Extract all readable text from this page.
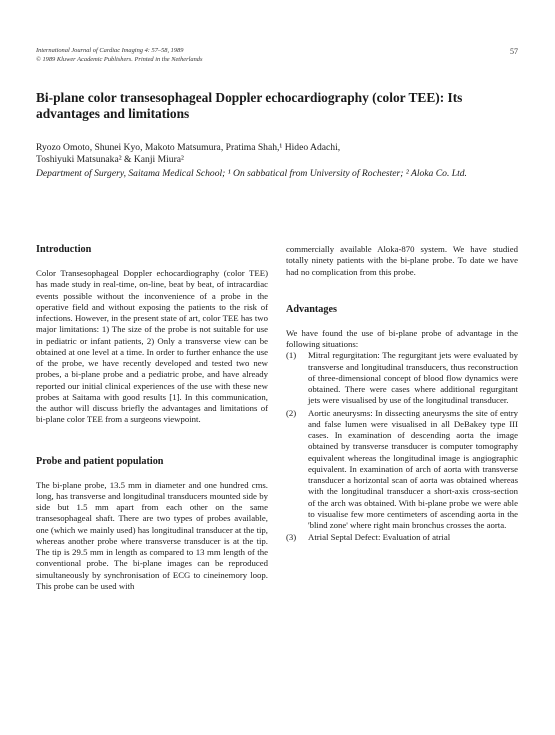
International Journal of Cardiac Imaging 4: 57–58, 1989
© 1989 Kluwer Academic Publishers. Printed in the Netherlands
57
Bi-plane color transesophageal Doppler echocardiography (color TEE): Its advantages and limitations
Ryozo Omoto, Shunei Kyo, Makoto Matsumura, Pratima Shah,¹ Hideo Adachi,
Toshiyuki Matsunaka² & Kanji Miura²
Department of Surgery, Saitama Medical School; ¹ On sabbatical from University of Rochester; ² Aloka Co. Ltd.
Introduction

Color Transesophageal Doppler echocardiography (color TEE) has made study in real-time, on-line, beat by beat, of intracardiac events possible without the inconvenience of a probe in the operative field and without exposing the patients to the risk of infections. However, in the present state of art, color TEE has two major limitations: 1) The size of the probe is not suitable for use in pediatric or infant patients, 2) Only a transverse view can be obtained at one level at a time. In order to further enhance the use of the probe, we have recently developed and tested two new probes, a bi-plane probe and a pediatric probe, and have already reported our initial clinical experiences of the use with these new probes at Saitama with good results [1]. In this communication, the author will discuss briefly the advantages and limitations of bi-plane color TEE from a surgeons viewpoint.

Probe and patient population

The bi-plane probe, 13.5 mm in diameter and one hundred cms. long, has transverse and longitudinal transducers mounted side by side but 1.5 mm apart from each other on the same transesophageal shaft. There are two types of probes available, one (which we mainly used) has longitudinal transducer at the tip, whereas another probe where transverse transducer is at the tip. The tip is 29.5 mm in length as compared to 13 mm length of the conventional probe. The bi-plane images can be reproduced simultaneously by synchronisation of ECG to cineinemory loop. This probe can be used with

commercially available Aloka-870 system. We have studied totally ninety patients with the bi-plane probe. To date we have had no complication from this probe.

Advantages

We have found the use of bi-plane probe of advantage in the following situations:

(1) Mitral regurgitation: The regurgitant jets were evaluated by transverse and longitudinal transducers, thus reconstruction of three-dimensional concept of blood flow dynamics were obtained. There were cases where additional regurgitant jets were visualised by use of the longitudinal transducer.
(2) Aortic aneurysms: In dissecting aneurysms the site of entry and false lumen were visualised in all DeBakey type III cases. In examination of descending aorta the image obtained by transverse transducer is computer tomography equivalent whereas the longitudinal image is angiographic equivalent. In examination of arch of aorta with transverse transducer a horizontal scan of aorta was obtained whereas with the longitudinal transducer a short-axis cross-section of the arch was obtained. With bi-plane probe we were able to visualise few more centimeters of ascending aorta in the 'blind zone' where right main bronchus crosses the aorta.
(3) Atrial Septal Defect: Evaluation of atrial
